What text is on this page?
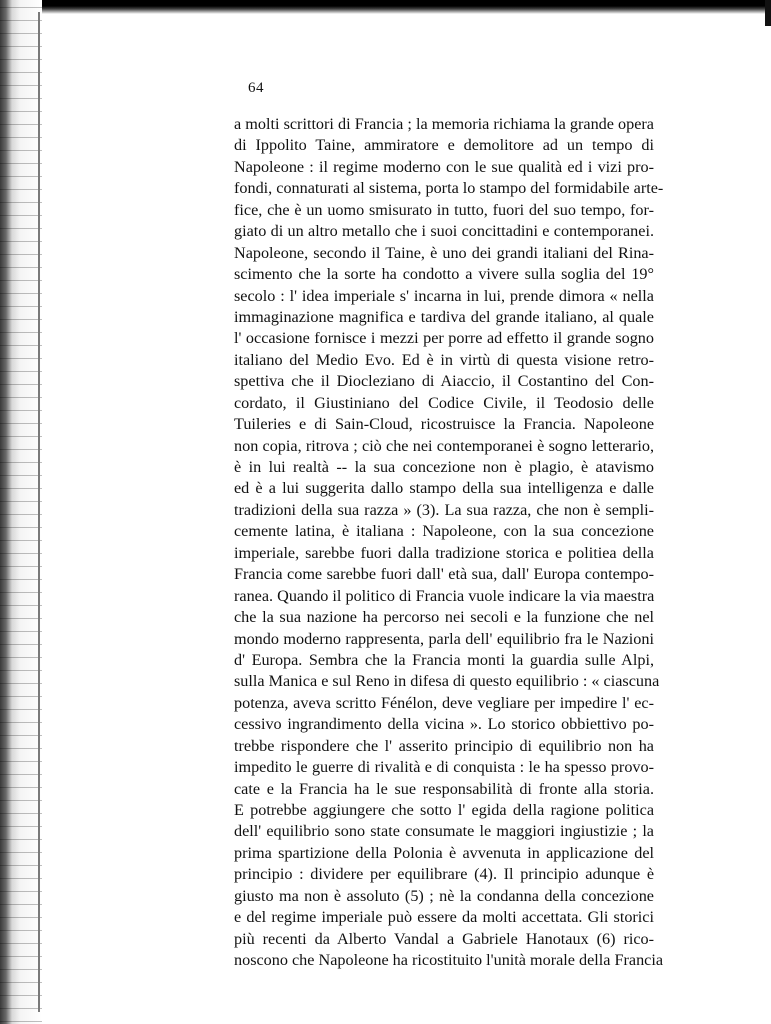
64
a molti scrittori di Francia ; la memoria richiama la grande opera
di Ippolito Taine, ammiratore e demolitore ad un tempo di
Napoleone : il regime moderno con le sue qualità ed i vizi pro-
fondi, connaturati al sistema, porta lo stampo del formidabile arte-
fice, che è un uomo smisurato in tutto, fuori del suo tempo, for-
giato di un altro metallo che i suoi concittadini e contemporanei.
Napoleone, secondo il Taine, è uno dei grandi italiani del Rina-
scimento che la sorte ha condotto a vivere sulla soglia del 19°
secolo : l' idea imperiale s' incarna in lui, prende dimora « nella
immaginazione magnifica e tardiva del grande italiano, al quale
l' occasione fornisce i mezzi per porre ad effetto il grande sogno
italiano del Medio Evo. Ed è in virtù di questa visione retro-
spettiva che il Diocleziano di Aiaccio, il Costantino del Con-
cordato, il Giustiniano del Codice Civile, il Teodosio delle
Tuileries e di Sain-Cloud, ricostruisce la Francia. Napoleone
non copia, ritrova ; ciò che nei contemporanei è sogno letterario,
è in lui realtà -- la sua concezione non è plagio, è atavismo
ed è a lui suggerita dallo stampo della sua intelligenza e dalle
tradizioni della sua razza » (3). La sua razza, che non è sempli-
cemente latina, è italiana : Napoleone, con la sua concezione
imperiale, sarebbe fuori dalla tradizione storica e politiea della
Francia come sarebbe fuori dall' età sua, dall' Europa contempo-
ranea. Quando il politico di Francia vuole indicare la via maestra
che la sua nazione ha percorso nei secoli e la funzione che nel
mondo moderno rappresenta, parla dell' equilibrio fra le Nazioni
d' Europa. Sembra che la Francia monti la guardia sulle Alpi,
sulla Manica e sul Reno in difesa di questo equilibrio : « ciascuna
potenza, aveva scritto Fénélon, deve vegliare per impedire l' ec-
cessivo ingrandimento della vicina ». Lo storico obbiettivo po-
trebbe rispondere che l' asserito principio di equilibrio non ha
impedito le guerre di rivalità e di conquista : le ha spesso provo-
cate e la Francia ha le sue responsabilità di fronte alla storia.
E potrebbe aggiungere che sotto l' egida della ragione politica
dell' equilibrio sono state consumate le maggiori ingiustizie ; la
prima spartizione della Polonia è avvenuta in applicazione del
principio : dividere per equilibrare (4). Il principio adunque è
giusto ma non è assoluto (5) ; nè la condanna della concezione
e del regime imperiale può essere da molti accettata. Gli storici
più recenti da Alberto Vandal a Gabriele Hanotaux (6) rico-
noscono che Napoleone ha ricostituito l'unità morale della Francia
